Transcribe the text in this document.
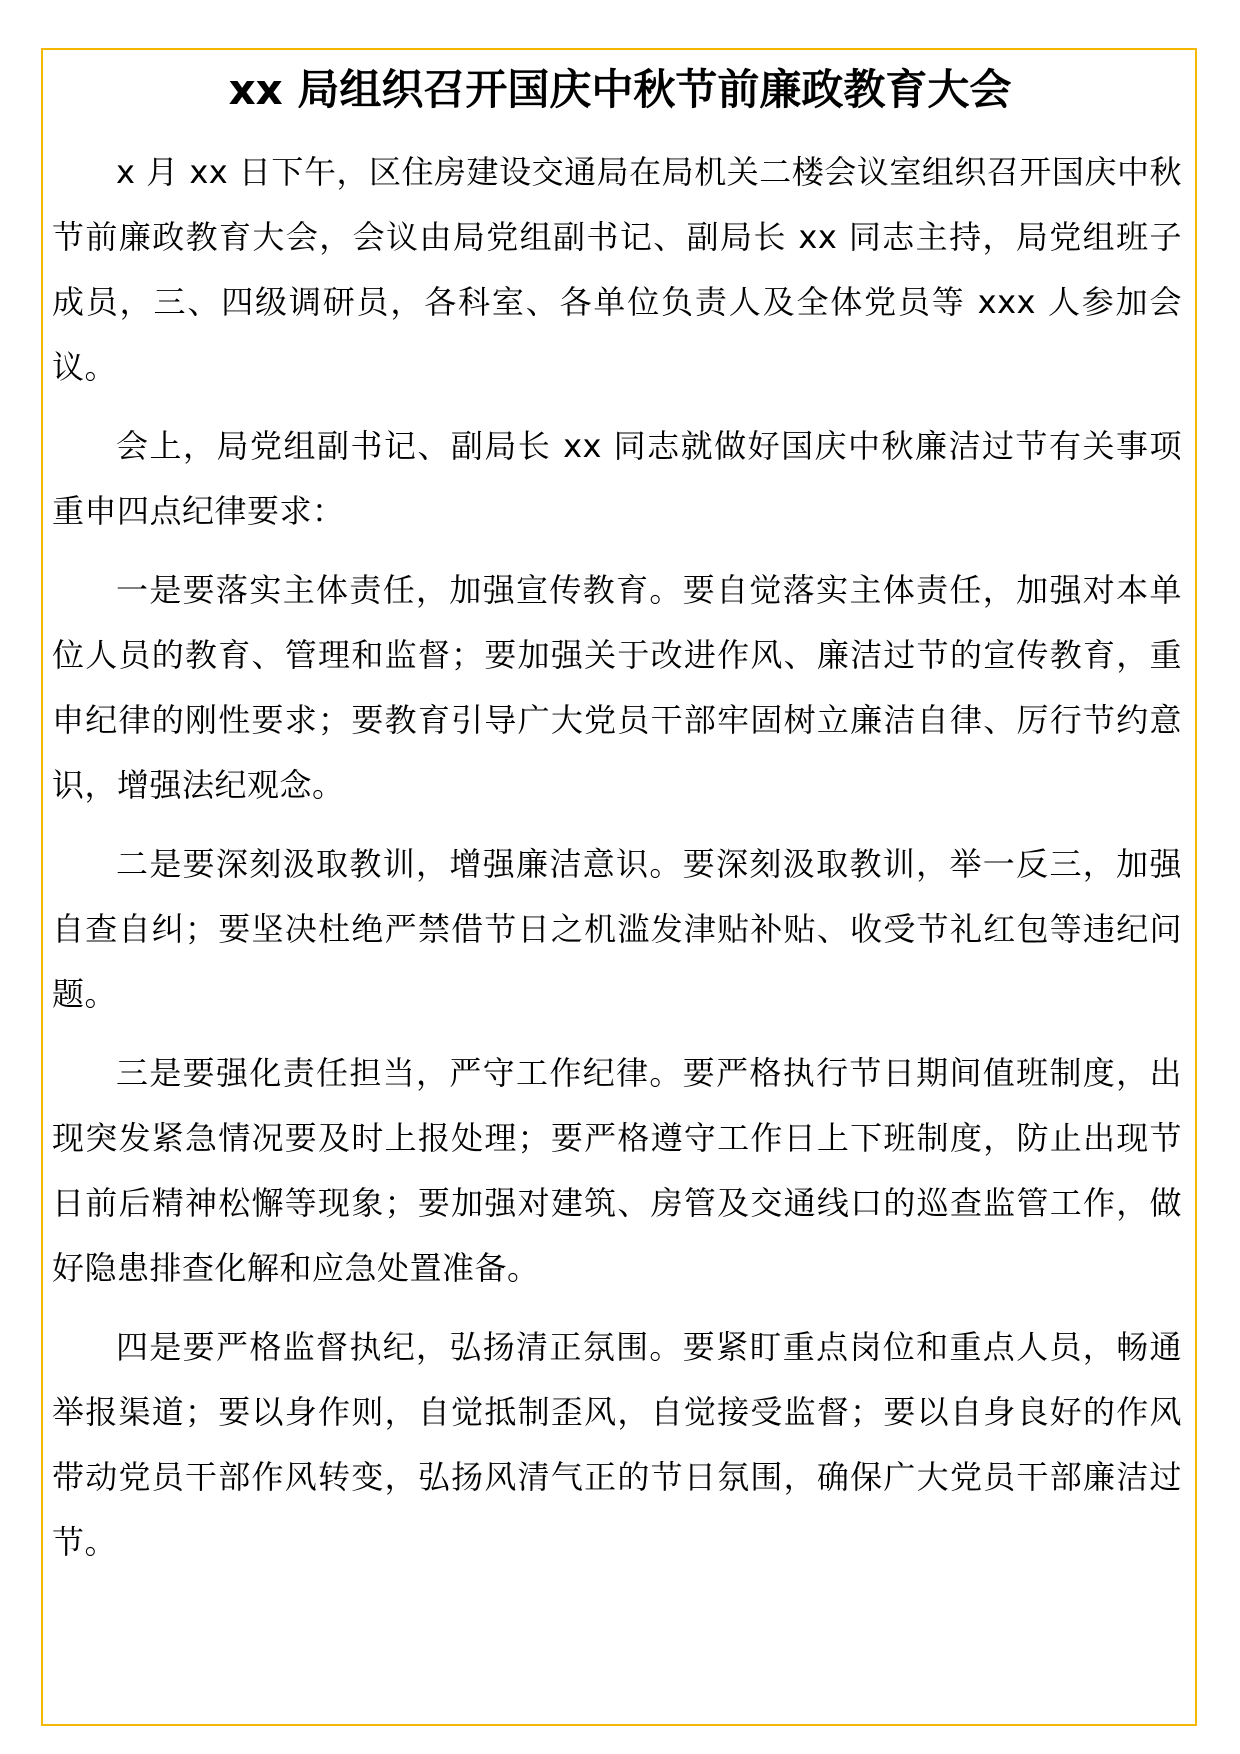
xx 局组织召开国庆中秋节前廉政教育大会

x 月 xx 日下午，区住房建设交通局在局机关二楼会议室组织召开国庆中秋节前廉政教育大会，会议由局党组副书记、副局长 xx 同志主持，局党组班子成员，三、四级调研员，各科室、各单位负责人及全体党员等 xxx 人参加会议。

会上，局党组副书记、副局长 xx 同志就做好国庆中秋廉洁过节有关事项重申四点纪律要求：

一是要落实主体责任，加强宣传教育。要自觉落实主体责任，加强对本单位人员的教育、管理和监督；要加强关于改进作风、廉洁过节的宣传教育，重申纪律的刚性要求；要教育引导广大党员干部牢固树立廉洁自律、厉行节约意识，增强法纪观念。

二是要深刻汲取教训，增强廉洁意识。要深刻汲取教训，举一反三，加强自查自纠；要坚决杜绝严禁借节日之机滥发津贴补贴、收受节礼红包等违纪问题。

三是要强化责任担当，严守工作纪律。要严格执行节日期间值班制度，出现突发紧急情况要及时上报处理；要严格遵守工作日上下班制度，防止出现节日前后精神松懈等现象；要加强对建筑、房管及交通线口的巡查监管工作，做好隐患排查化解和应急处置准备。

四是要严格监督执纪，弘扬清正氛围。要紧盯重点岗位和重点人员，畅通举报渠道；要以身作则，自觉抵制歪风，自觉接受监督；要以自身良好的作风带动党员干部作风转变，弘扬风清气正的节日氛围，确保广大党员干部廉洁过节。
